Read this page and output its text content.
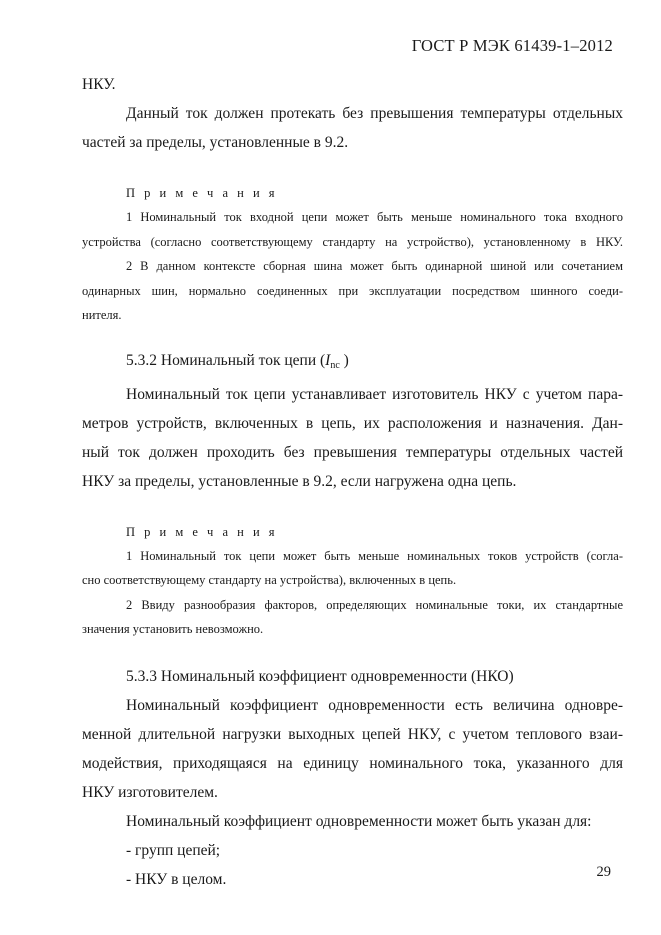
ГОСТ Р МЭК 61439-1–2012

НКУ.

Данный ток должен протекать без превышения температуры отдельных

частей за пределы, установленные в 9.2.

П р и м е ч а н и я

1 Номинальный ток входной цепи может быть меньше номинального тока входного

устройства (согласно соответствующему стандарту на устройство), установленному в НКУ.

2 В данном контексте сборная шина может быть одинарной шиной или сочетанием

одинарных шин, нормально соединенных при эксплуатации посредством шинного соеди-

нителя.

5.3.2 Номинальный ток цепи ($I_{nc}$ )

Номинальный ток цепи устанавливает изготовитель НКУ с учетом пара-

метров устройств, включенных в цепь, их расположения и назначения. Дан-

ный ток должен проходить без превышения температуры отдельных частей

НКУ за пределы, установленные в 9.2, если нагружена одна цепь.

П р и м е ч а н и я

1 Номинальный ток цепи может быть меньше номинальных токов устройств (согла-

сно соответствующему стандарту на устройства), включенных в цепь.

2 Ввиду разнообразия факторов, определяющих номинальные токи, их стандартные

значения установить невозможно.

5.3.3 Номинальный коэффициент одновременности (НКО)

Номинальный коэффициент одновременности есть величина одновре-

менной длительной нагрузки выходных цепей НКУ, с учетом теплового взаи-

модействия, приходящаяся на единицу номинального тока, указанного для

НКУ изготовителем.

Номинальный коэффициент одновременности может быть указан для:

- групп цепей;

- НКУ в целом.	29
